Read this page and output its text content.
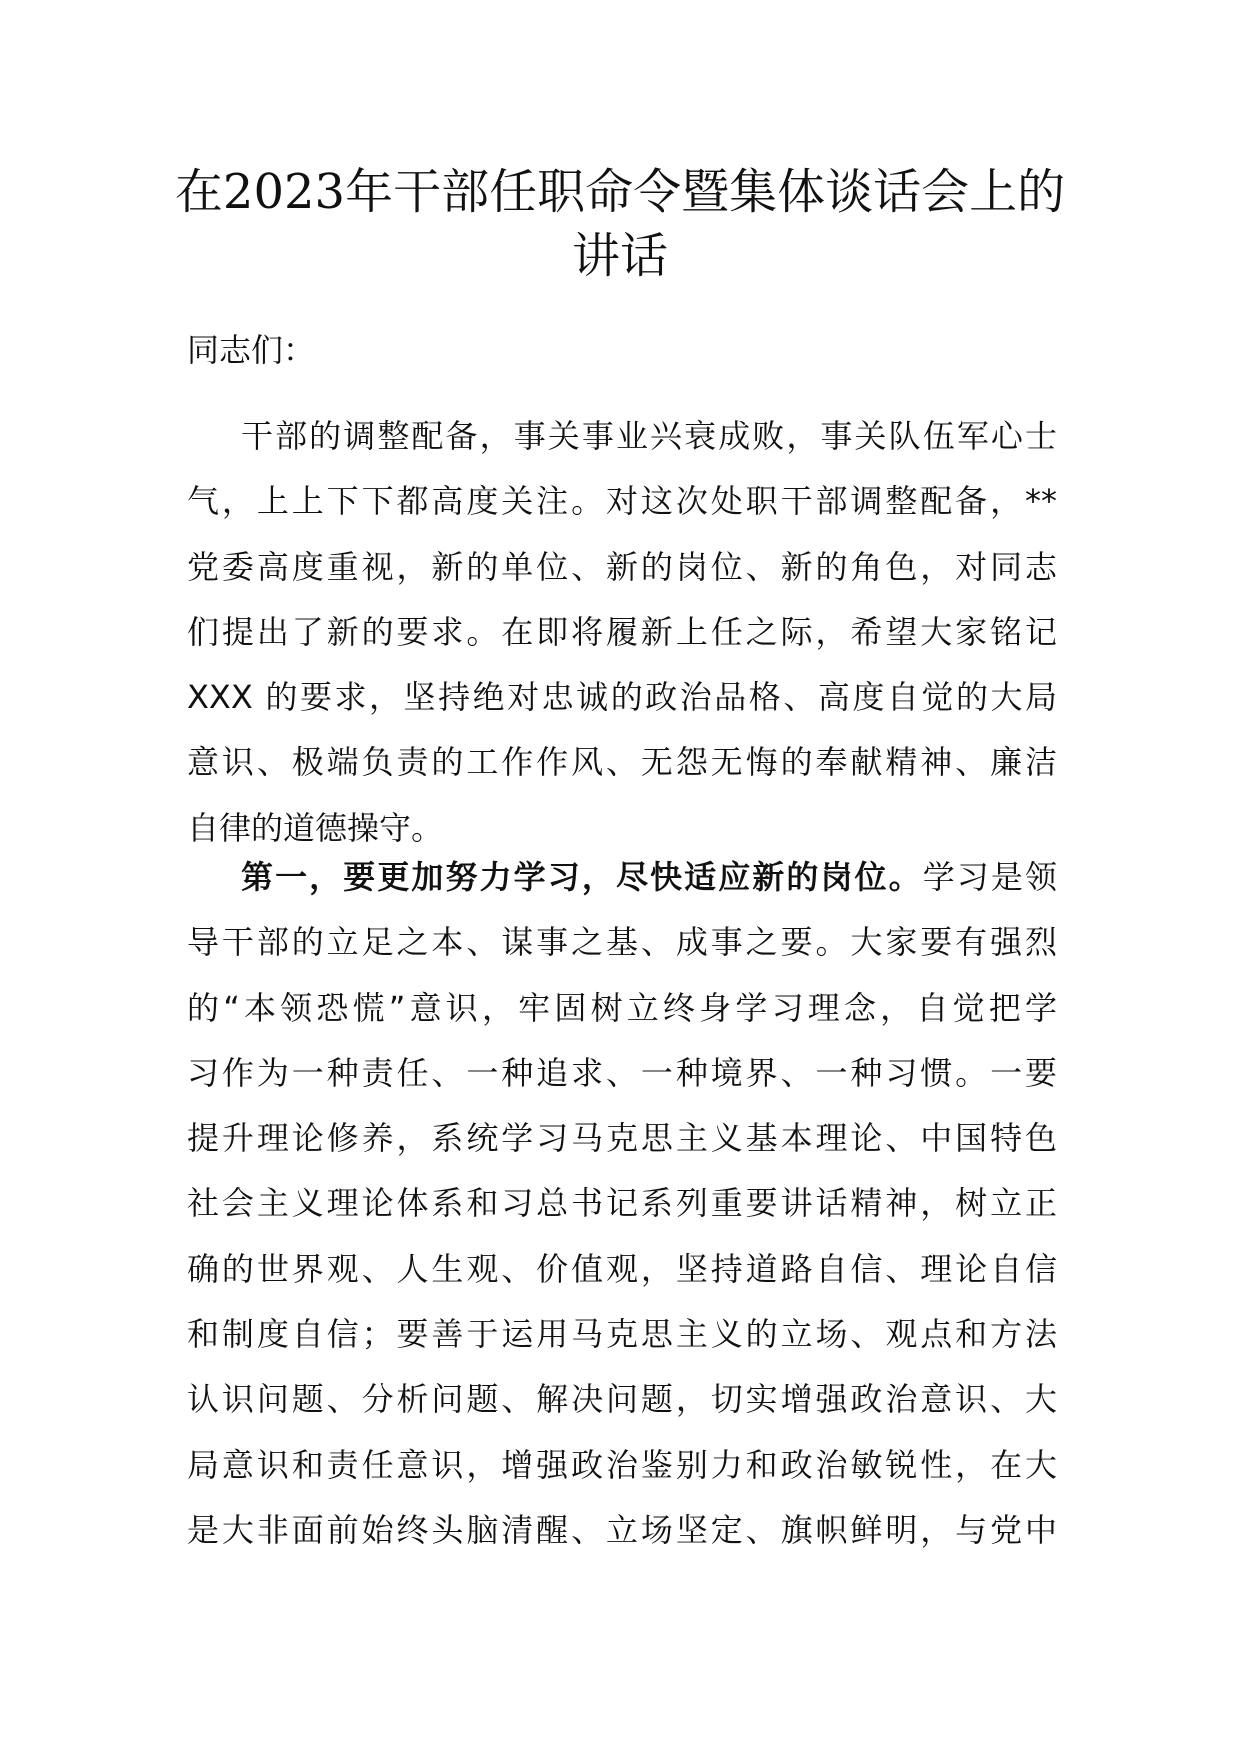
在2023年干部任职命令暨集体谈话会上的
讲话
同志们：
干部的调整配备，事关事业兴衰成败，事关队伍军心士
气，上上下下都高度关注。对这次处职干部调整配备，**
党委高度重视，新的单位、新的岗位、新的角色，对同志
们提出了新的要求。在即将履新上任之际，希望大家铭记
XXX 的要求，坚持绝对忠诚的政治品格、高度自觉的大局
意识、极端负责的工作作风、无怨无悔的奉献精神、廉洁
自律的道德操守。
第一，要更加努力学习，尽快适应新的岗位。学习是领
导干部的立足之本、谋事之基、成事之要。大家要有强烈
的“本领恐慌”意识，牢固树立终身学习理念，自觉把学
习作为一种责任、一种追求、一种境界、一种习惯。一要
提升理论修养，系统学习马克思主义基本理论、中国特色
社会主义理论体系和习总书记系列重要讲话精神，树立正
确的世界观、人生观、价值观，坚持道路自信、理论自信
和制度自信；要善于运用马克思主义的立场、观点和方法
认识问题、分析问题、解决问题，切实增强政治意识、大
局意识和责任意识，增强政治鉴别力和政治敏锐性，在大
是大非面前始终头脑清醒、立场坚定、旗帜鲜明，与党中
